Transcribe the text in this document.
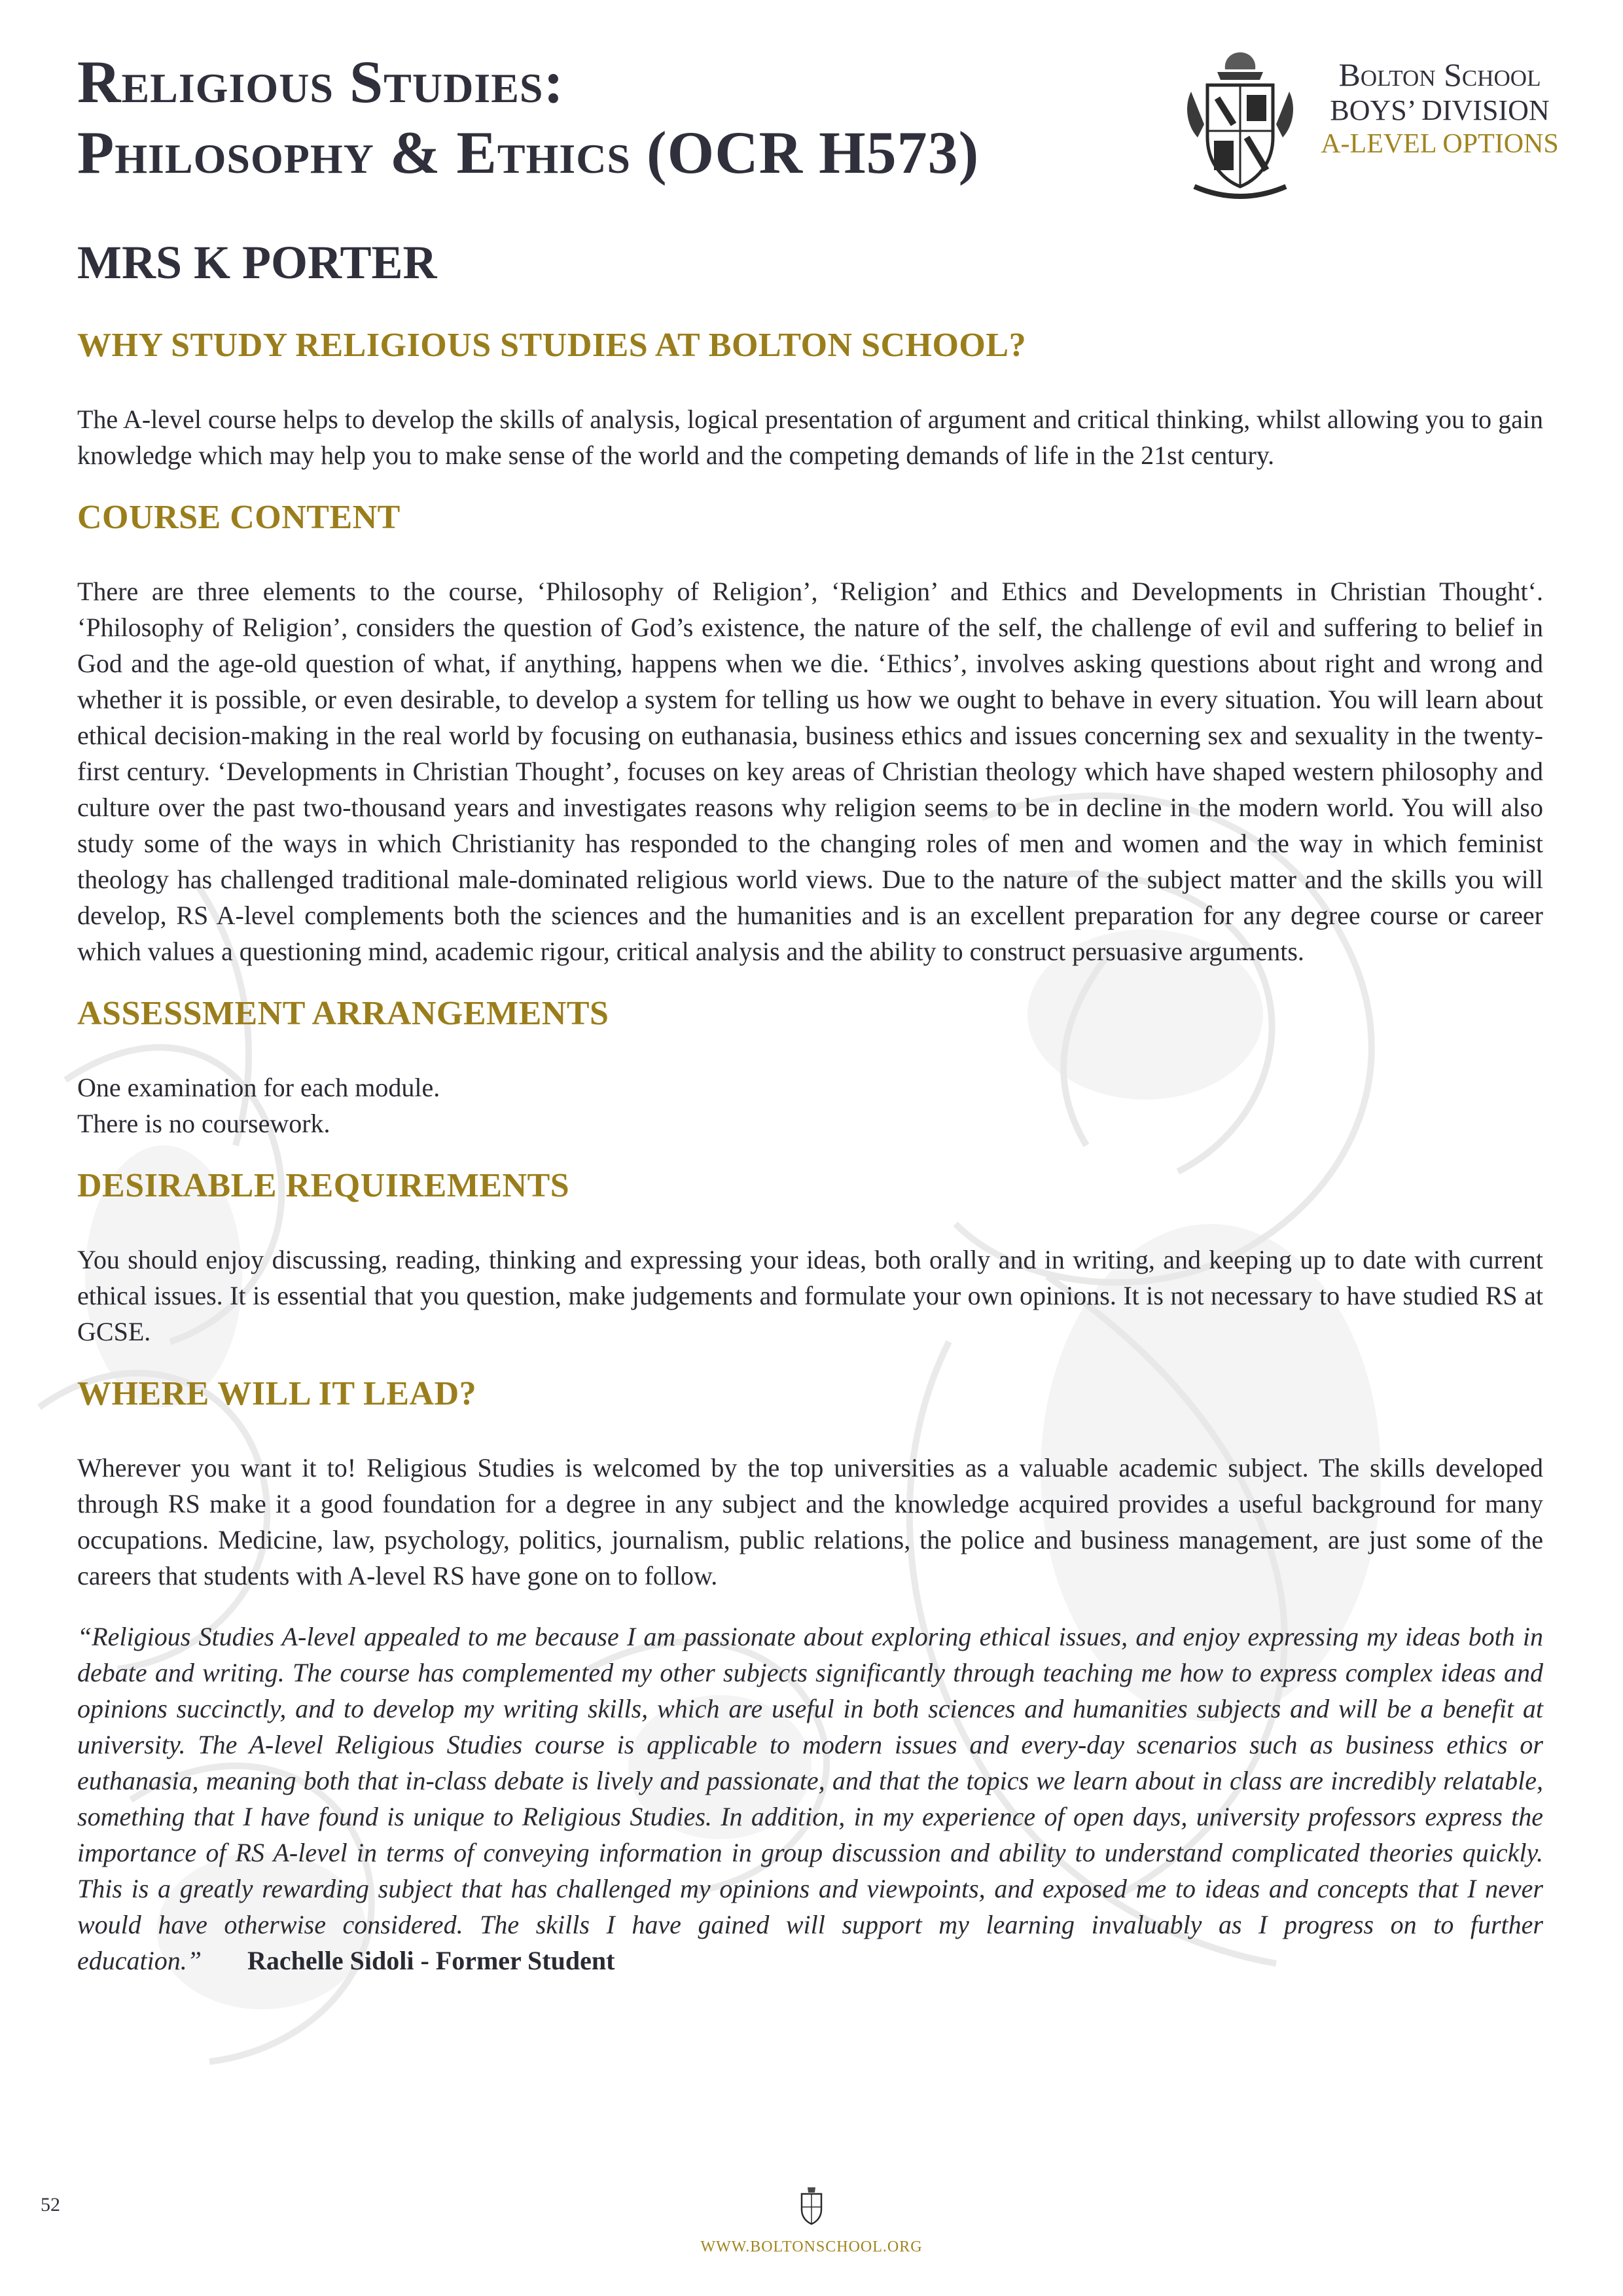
Religious Studies:
Philosophy & Ethics (OCR H573)
MRS K PORTER
Bolton School
BOYS’ DIVISION
A-LEVEL OPTIONS
WHY STUDY RELIGIOUS STUDIES AT BOLTON SCHOOL?

The A-level course helps to develop the skills of analysis, logical presentation of argument and critical thinking, whilst allowing you to gain knowledge which may help you to make sense of the world and the competing demands of life in the 21st century.

COURSE CONTENT

There are three elements to the course, ‘Philosophy of Religion’, ‘Religion’ and Ethics and Developments in Christian Thought‘. ‘Philosophy of Religion’, considers the question of God’s existence, the nature of the self, the challenge of evil and suffering to belief in God and the age-old question of what, if anything, happens when we die. ‘Ethics’, involves asking questions about right and wrong and whether it is possible, or even desirable, to develop a system for telling us how we ought to behave in every situation. You will learn about ethical decision-making in the real world by focusing on euthanasia, business ethics and issues concerning sex and sexuality in the twenty-first century. ‘Developments in Christian Thought’, focuses on key areas of Christian theology which have shaped western philosophy and culture over the past two-thousand years and investigates reasons why religion seems to be in decline in the modern world. You will also study some of the ways in which Christianity has responded to the changing roles of men and women and the way in which feminist theology has challenged traditional male-dominated religious world views. Due to the nature of the subject matter and the skills you will develop, RS A-level complements both the sciences and the humanities and is an excellent preparation for any degree course or career which values a questioning mind, academic rigour, critical analysis and the ability to construct persuasive arguments.

ASSESSMENT ARRANGEMENTS

One examination for each module.

There is no coursework.

DESIRABLE REQUIREMENTS

You should enjoy discussing, reading, thinking and expressing your ideas, both orally and in writing, and keeping up to date with current ethical issues. It is essential that you question, make judgements and formulate your own opinions. It is not necessary to have studied RS at GCSE.

WHERE WILL IT LEAD?

Wherever you want it to! Religious Studies is welcomed by the top universities as a valuable academic subject. The skills developed through RS make it a good foundation for a degree in any subject and the knowledge acquired provides a useful background for many occupations. Medicine, law, psychology, politics, journalism, public relations, the police and business management, are just some of the careers that students with A-level RS have gone on to follow.

“Religious Studies A-level appealed to me because I am passionate about exploring ethical issues, and enjoy expressing my ideas both in debate and writing. The course has complemented my other subjects significantly through teaching me how to express complex ideas and opinions succinctly, and to develop my writing skills, which are useful in both sciences and humanities subjects and will be a benefit at university. The A-level Religious Studies course is applicable to modern issues and every-day scenarios such as business ethics or euthanasia, meaning both that in-class debate is lively and passionate, and that the topics we learn about in class are incredibly relatable, something that I have found is unique to Religious Studies. In addition, in my experience of open days, university professors express the importance of RS A-level in terms of conveying information in group discussion and ability to understand complicated theories quickly. This is a greatly rewarding subject that has challenged my opinions and viewpoints, and exposed me to ideas and concepts that I never would have otherwise considered. The skills I have gained will support my learning invaluably as I progress on to further education.” Rachelle Sidoli - Former Student

52
WWW.BOLTONSCHOOL.ORG
